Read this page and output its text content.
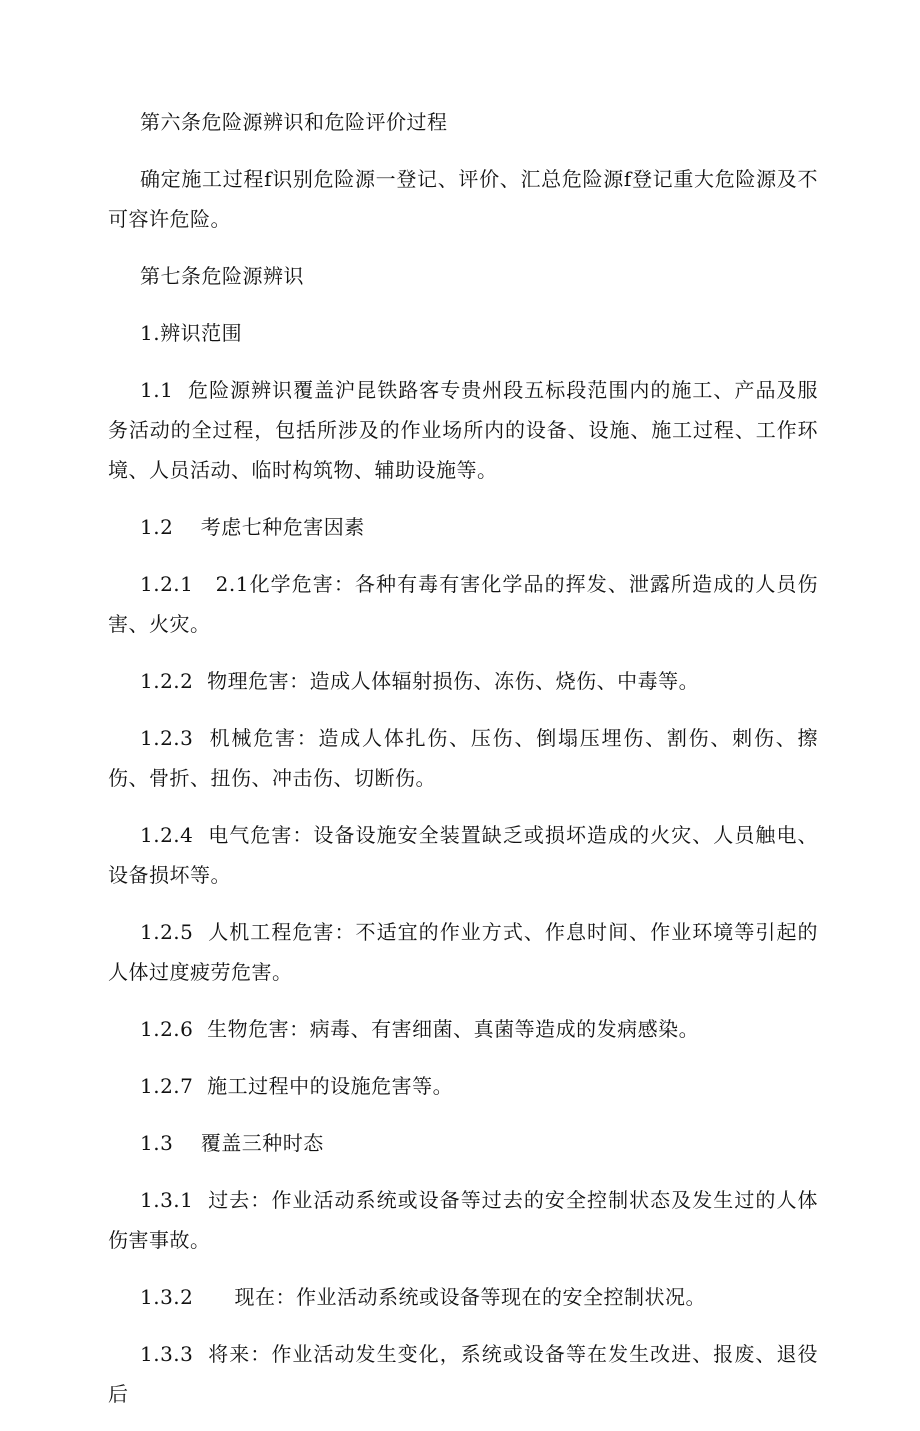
第六条危险源辨识和危险评价过程

确定施工过程f识别危险源一登记、评价、汇总危险源f登记重大危险源及不可容许危险。

第七条危险源辨识

1.辨识范围

1.1  危险源辨识覆盖沪昆铁路客专贵州段五标段范围内的施工、产品及服务活动的全过程，包括所涉及的作业场所内的设备、设施、施工过程、工作环境、人员活动、临时构筑物、辅助设施等。

1.2    考虑七种危害因素

1.2.1   2.1化学危害：各种有毒有害化学品的挥发、泄露所造成的人员伤害、火灾。

1.2.2  物理危害：造成人体辐射损伤、冻伤、烧伤、中毒等。

1.2.3  机械危害：造成人体扎伤、压伤、倒塌压埋伤、割伤、刺伤、擦伤、骨折、扭伤、冲击伤、切断伤。

1.2.4  电气危害：设备设施安全装置缺乏或损坏造成的火灾、人员触电、设备损坏等。

1.2.5  人机工程危害：不适宜的作业方式、作息时间、作业环境等引起的人体过度疲劳危害。

1.2.6  生物危害：病毒、有害细菌、真菌等造成的发病感染。

1.2.7  施工过程中的设施危害等。

1.3    覆盖三种时态

1.3.1  过去：作业活动系统或设备等过去的安全控制状态及发生过的人体伤害事故。

1.3.2      现在：作业活动系统或设备等现在的安全控制状况。

1.3.3  将来：作业活动发生变化，系统或设备等在发生改进、报废、退役后
